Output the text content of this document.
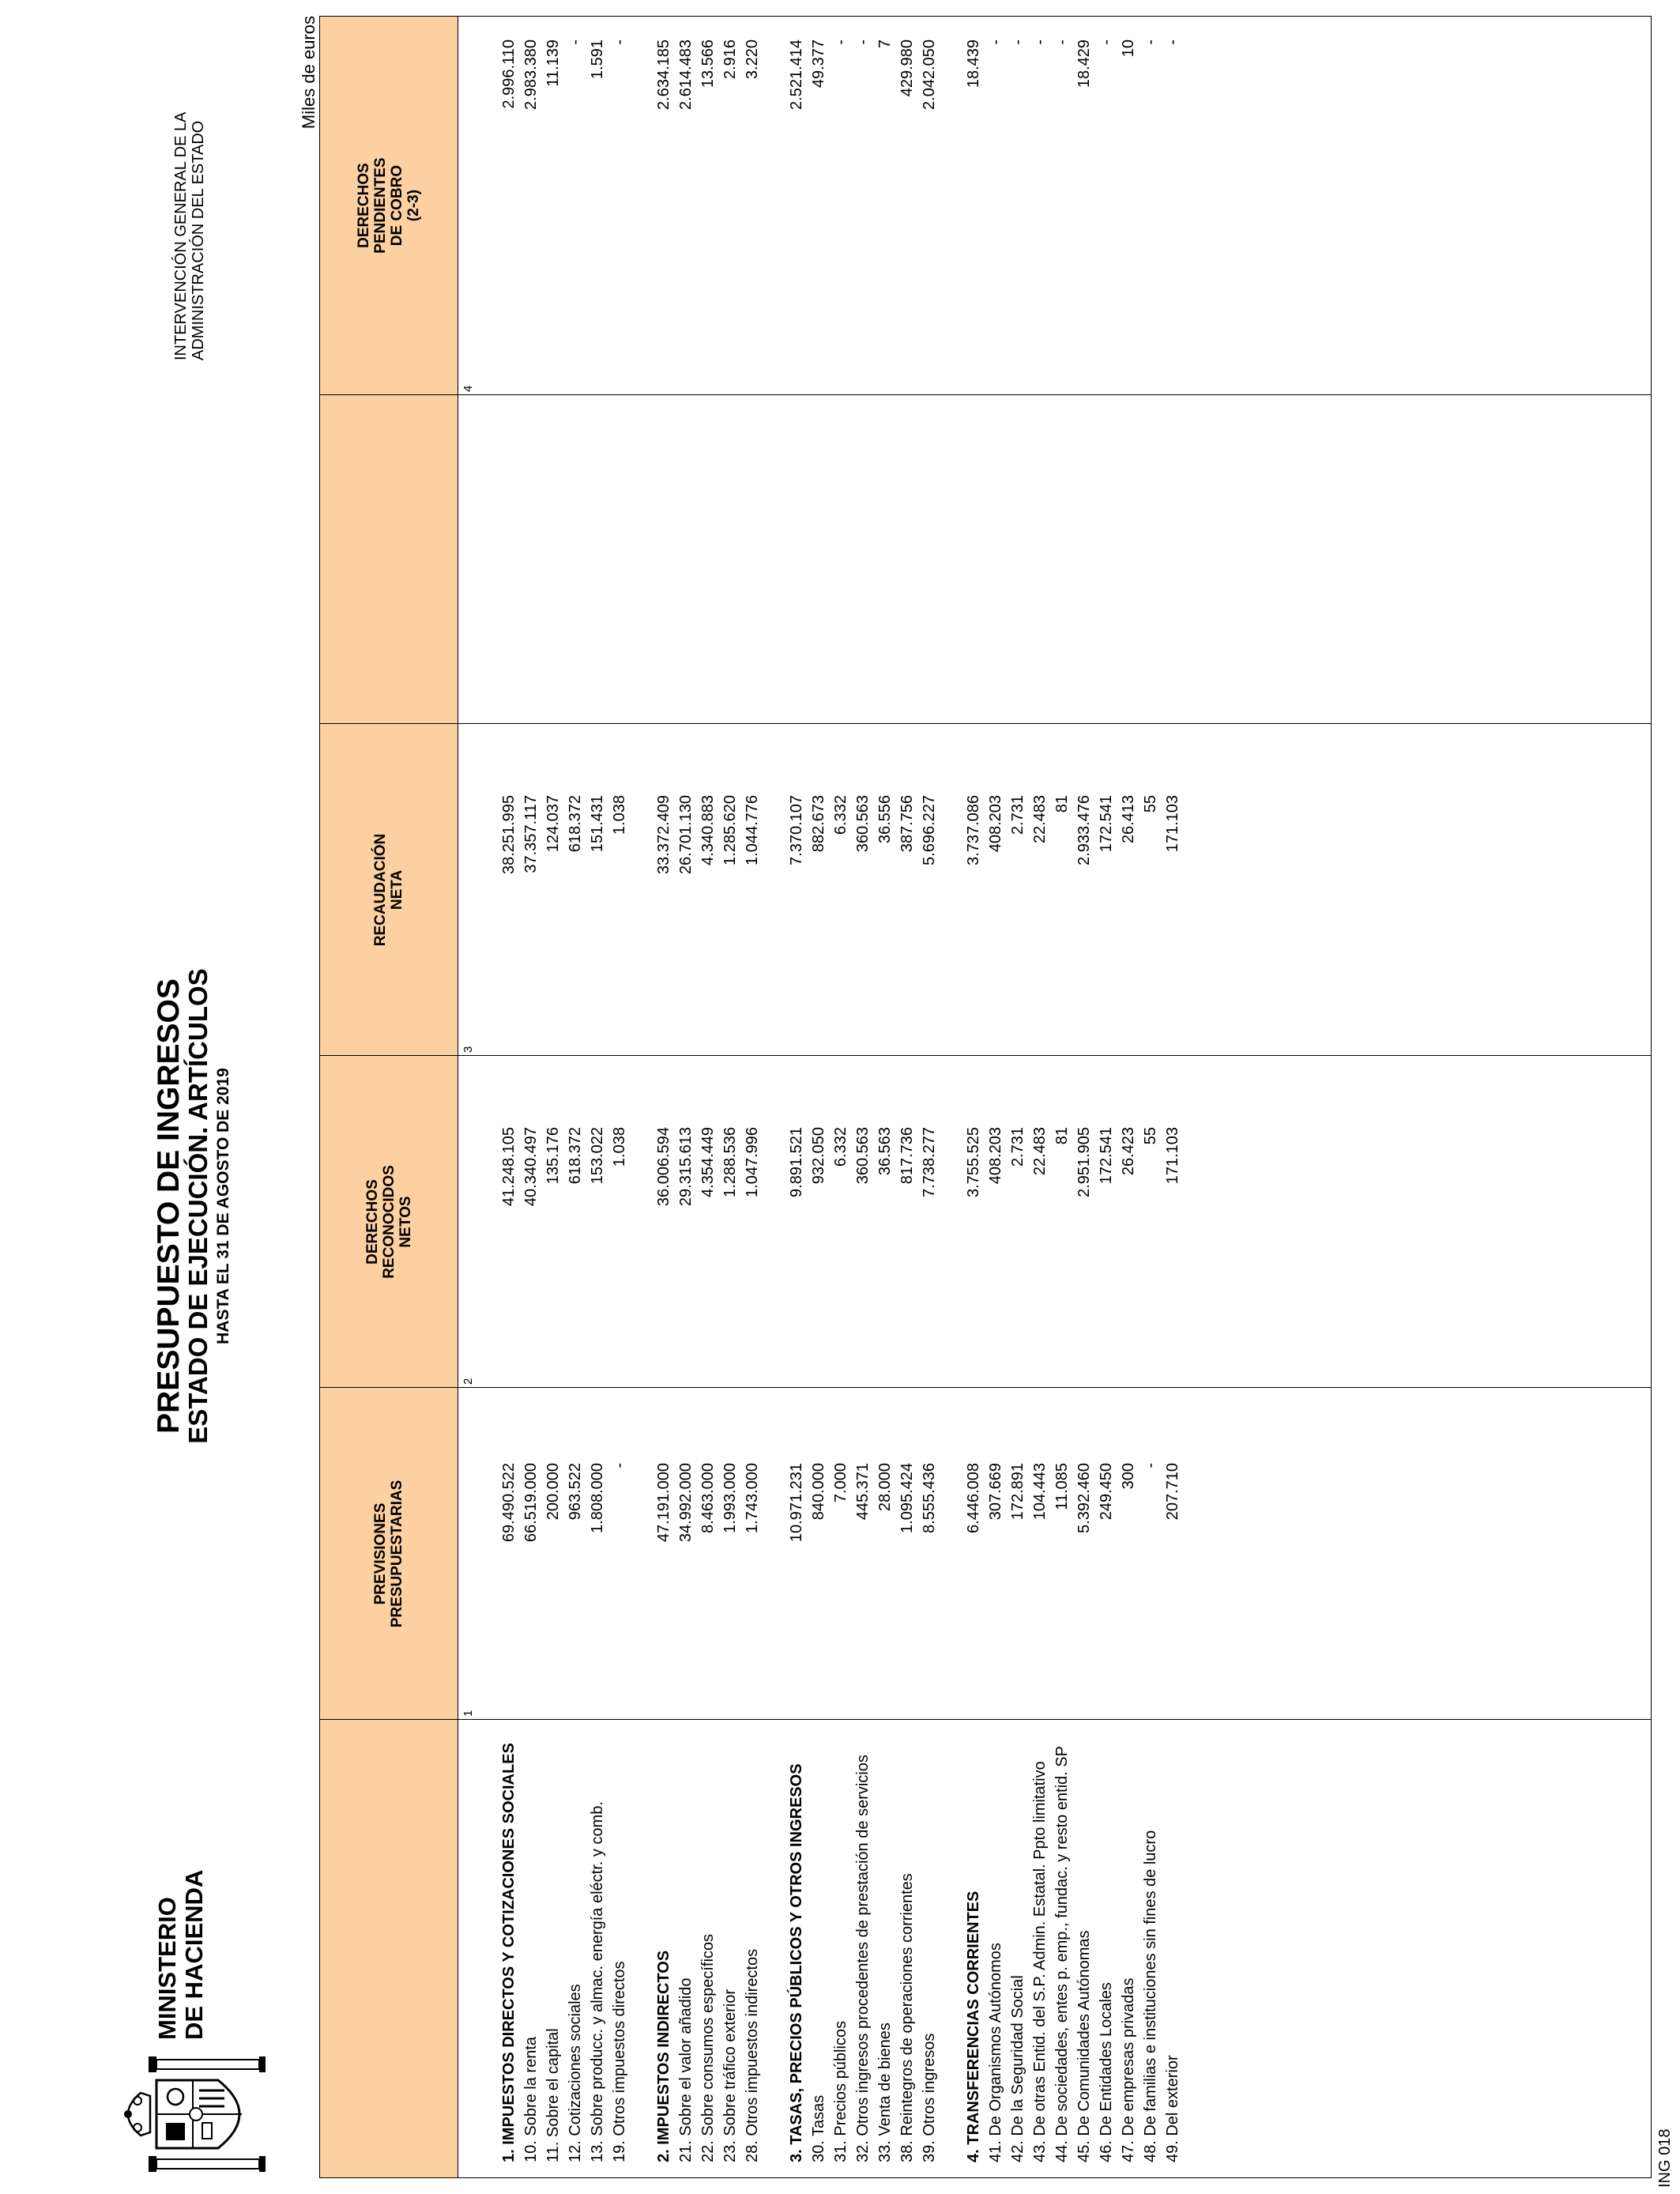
MINISTERIO DE HACIENDA
PRESUPUESTO DE INGRESOS
ESTADO DE EJECUCIÓN. ARTÍCULOS HASTA EL 31 DE AGOSTO DE 2019
INTERVENCIÓN GENERAL DE LA ADMINISTRACIÓN DEL ESTADO
Miles de euros
ING 018
PREVISIONES PRESUPUESTARIAS
DERECHOS RECONOCIDOS NETOS
RECAUDACIÓN NETA
DERECHOS PENDIENTES DE COBRO (2-3)
1
2
3
4
1. IMPUESTOS DIRECTOS Y COTIZACIONES SOCIALES
69.490.522
41.248.105
38.251.995
2.996.110
10. Sobre la renta
66.519.000
40.340.497
37.357.117
2.983.380
11. Sobre el capital
200.000
135.176
124.037
11.139
12. Cotizaciones sociales
963.522
618.372
618.372
-
13. Sobre producc. y almac. energía eléctr. y comb.
1.808.000
153.022
151.431
1.591
19. Otros impuestos directos
-
1.038
1.038
-
2. IMPUESTOS INDIRECTOS
47.191.000
36.006.594
33.372.409
2.634.185
21. Sobre el valor añadido
34.992.000
29.315.613
26.701.130
2.614.483
22. Sobre consumos específicos
8.463.000
4.354.449
4.340.883
13.566
23. Sobre tráfico exterior
1.993.000
1.288.536
1.285.620
2.916
28. Otros impuestos indirectos
1.743.000
1.047.996
1.044.776
3.220
3. TASAS, PRECIOS PÚBLICOS Y OTROS INGRESOS
10.971.231
9.891.521
7.370.107
2.521.414
30. Tasas
840.000
932.050
882.673
49.377
31. Precios públicos
7.000
6.332
6.332
-
32. Otros ingresos procedentes de prestación de servicios
445.371
360.563
360.563
-
33. Venta de bienes
28.000
36.563
36.556
7
38. Reintegros de operaciones corrientes
1.095.424
817.736
387.756
429.980
39. Otros ingresos
8.555.436
7.738.277
5.696.227
2.042.050
4. TRANSFERENCIAS CORRIENTES
6.446.008
3.755.525
3.737.086
18.439
41. De Organismos Autónomos
307.669
408.203
408.203
-
42. De la Seguridad Social
172.891
2.731
2.731
-
43. De otras Entid. del S.P. Admin. Estatal. Ppto limitativo
104.443
22.483
22.483
-
44. De sociedades, entes p. emp., fundac. y resto entid. SP
11.085
81
81
-
45. De Comunidades Autónomas
5.392.460
2.951.905
2.933.476
18.429
46. De Entidades Locales
249.450
172.541
172.541
-
47. De empresas privadas
300
26.423
26.413
10
48. De familias e instituciones sin fines de lucro
-
55
55
-
49. Del exterior
207.710
171.103
171.103
-
